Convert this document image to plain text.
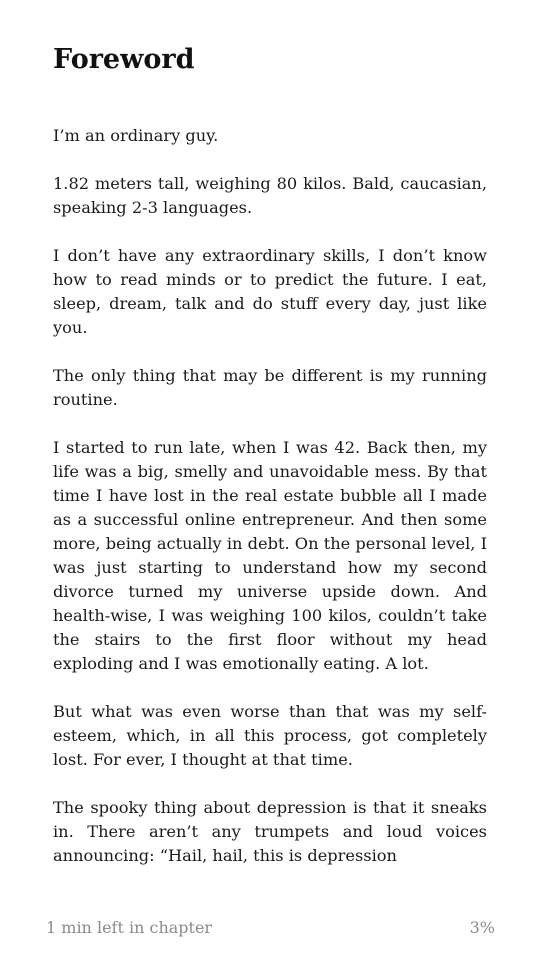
Foreword

I’m an ordinary guy.

1.82 meters tall, weighing 80 kilos. Bald, caucasian, speaking 2-3 languages.

I don’t have any extraordinary skills, I don’t know how to read minds or to predict the future. I eat, sleep, dream, talk and do stuff every day, just like you.

The only thing that may be different is my running routine.

I started to run late, when I was 42. Back then, my life was a big, smelly and unavoidable mess. By that time I have lost in the real estate bubble all I made as a successful online entrepreneur. And then some more, being actually in debt. On the personal level, I was just starting to understand how my second divorce turned my universe upside down. And health-wise, I was weighing 100 kilos, couldn’t take the stairs to the first floor without my head exploding and I was emotionally eating. A lot.

But what was even worse than that was my self-esteem, which, in all this process, got completely lost. For ever, I thought at that time.

The spooky thing about depression is that it sneaks in. There aren’t any trumpets and loud voices announcing: “Hail, hail, this is depression

1 min left in chapter	3%
